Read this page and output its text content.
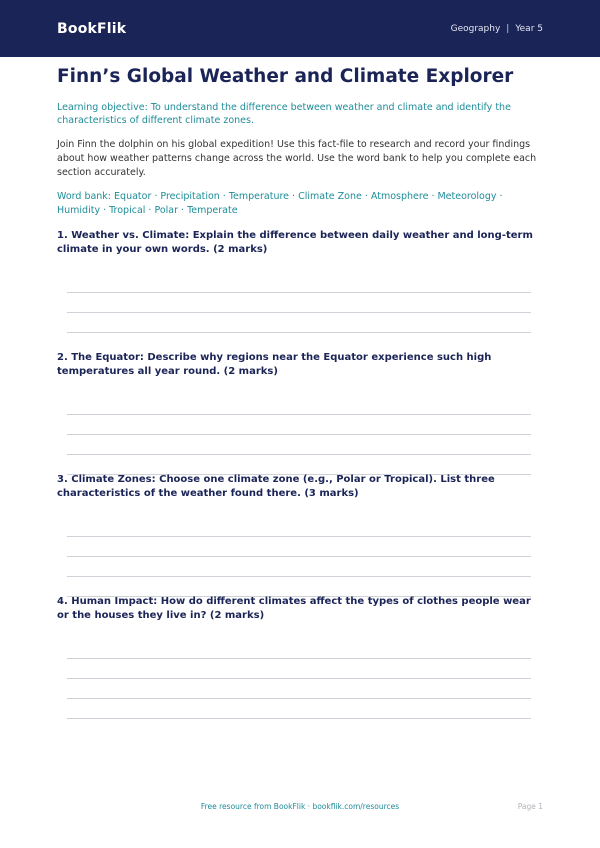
BookFlik	Geography | Year 5
Finn’s Global Weather and Climate Explorer

Learning objective: To understand the difference between weather and climate and identify the characteristics of different climate zones.

Join Finn the dolphin on his global expedition! Use this fact-file to research and record your findings about how weather patterns change across the world. Use the word bank to help you complete each section accurately.

Word bank: Equator · Precipitation · Temperature · Climate Zone · Atmosphere · Meteorology · Humidity · Tropical · Polar · Temperate

1. Weather vs. Climate: Explain the difference between daily weather and long-term climate in your own words. (2 marks)

2. The Equator: Describe why regions near the Equator experience such high temperatures all year round. (2 marks)

3. Climate Zones: Choose one climate zone (e.g., Polar or Tropical). List three characteristics of the weather found there. (3 marks)

4. Human Impact: How do different climates affect the types of clothes people wear or the houses they live in? (2 marks)

Free resource from BookFlik · bookflik.com/resources	Page 1
